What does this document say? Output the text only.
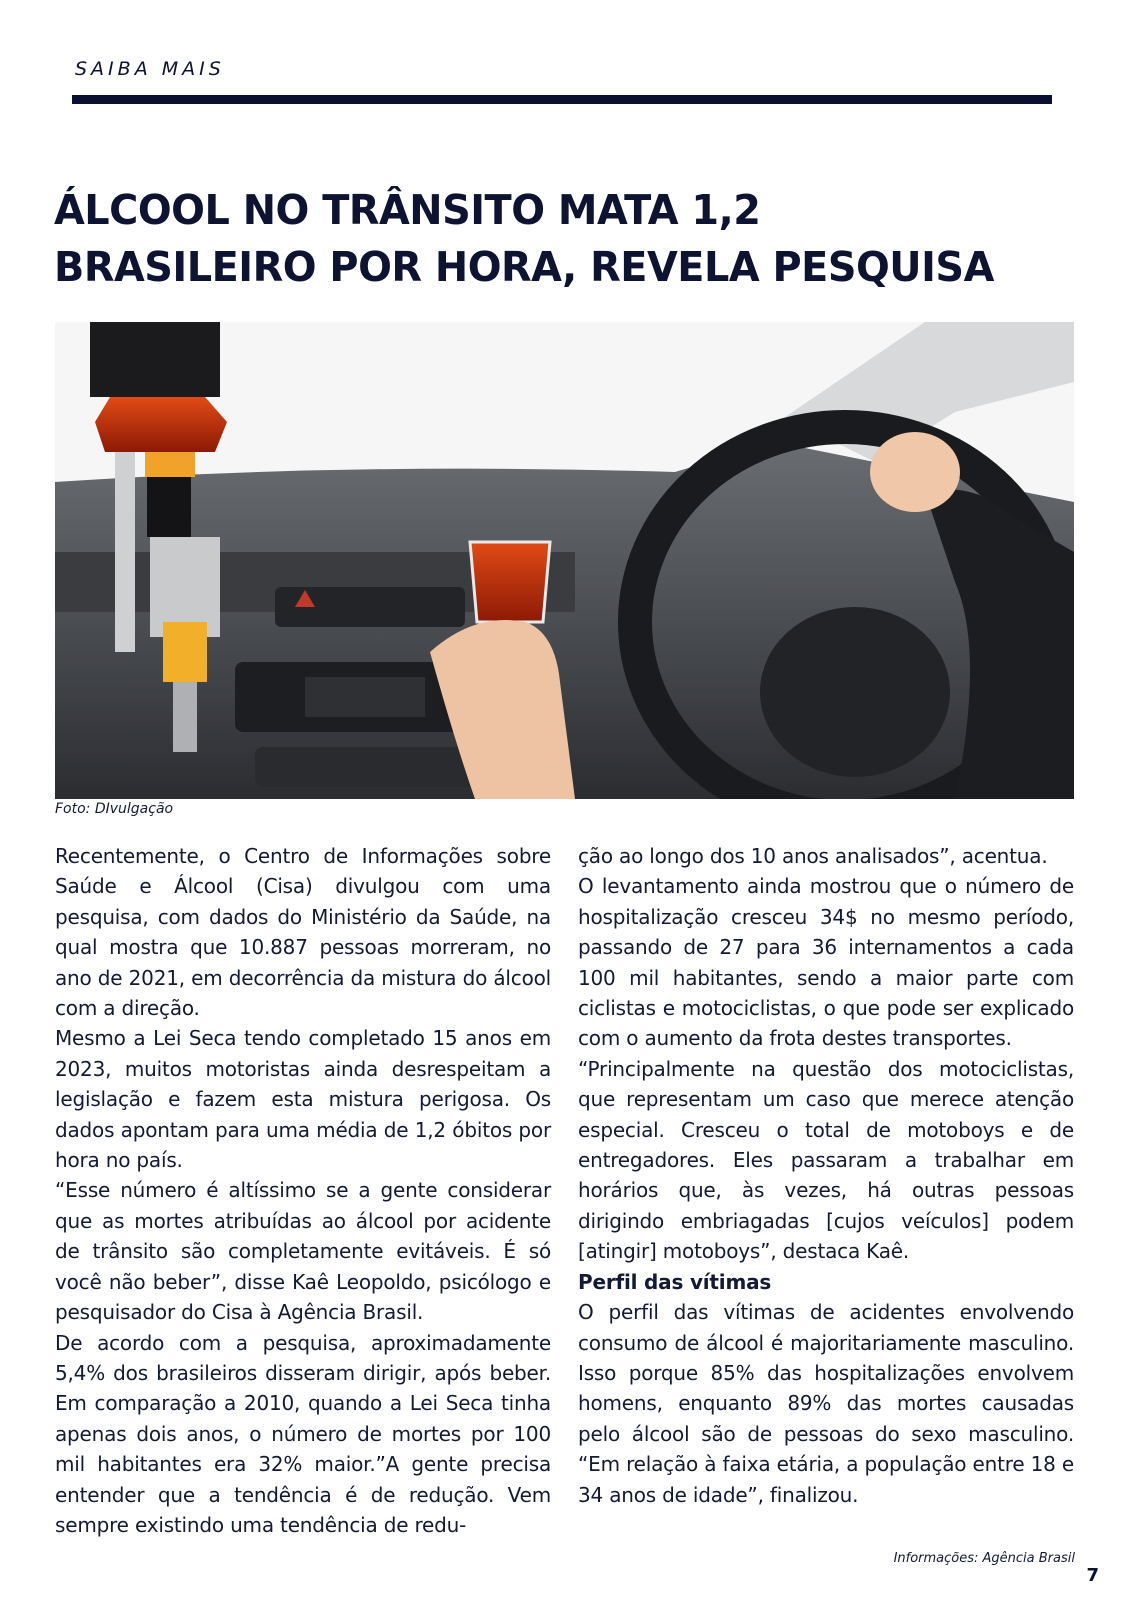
SAIBA MAIS
ÁLCOOL NO TRÂNSITO MATA 1,2 BRASILEIRO POR HORA, REVELA PESQUISA
Foto: DIvulgação

Recentemente, o Centro de Informações sobre Saúde e Álcool (Cisa) divulgou com uma pesquisa, com dados do Ministério da Saúde, na qual mostra que 10.887 pessoas morreram, no ano de 2021, em decorrência da mistura do álcool com a direção.

Mesmo a Lei Seca tendo completado 15 anos em 2023, muitos motoristas ainda desrespeitam a legislação e fazem esta mistura perigosa. Os dados apontam para uma média de 1,2 óbitos por hora no país.

“Esse número é altíssimo se a gente considerar que as mortes atribuídas ao álcool por acidente de trânsito são completamente evitáveis. É só você não beber”, disse Kaê Leopoldo, psicólogo e pesquisador do Cisa à Agência Brasil.

De acordo com a pesquisa, aproximadamente 5,4% dos brasileiros disseram dirigir, após beber. Em comparação a 2010, quando a Lei Seca tinha apenas dois anos, o número de mortes por 100 mil habitantes era 32% maior.”A gente precisa entender que a tendência é de redução. Vem sempre existindo uma tendência de redu-

ção ao longo dos 10 anos analisados”, acentua.

O levantamento ainda mostrou que o número de hospitalização cresceu 34$ no mesmo período, passando de 27 para 36 internamentos a cada 100 mil habitantes, sendo a maior parte com ciclistas e motociclistas, o que pode ser explicado com o aumento da frota destes transportes.

“Principalmente na questão dos motociclistas, que representam um caso que merece atenção especial. Cresceu o total de motoboys e de entregadores. Eles passaram a trabalhar em horários que, às vezes, há outras pessoas dirigindo embriagadas [cujos veículos] podem [atingir] motoboys”, destaca Kaê.

Perfil das vítimas

O perfil das vítimas de acidentes envolvendo consumo de álcool é majoritariamente masculino. Isso porque 85% das hospitalizações envolvem homens, enquanto 89% das mortes causadas pelo álcool são de pessoas do sexo masculino. “Em relação à faixa etária, a população entre 18 e 34 anos de idade”, finalizou.

Informações: Agência Brasil
7
